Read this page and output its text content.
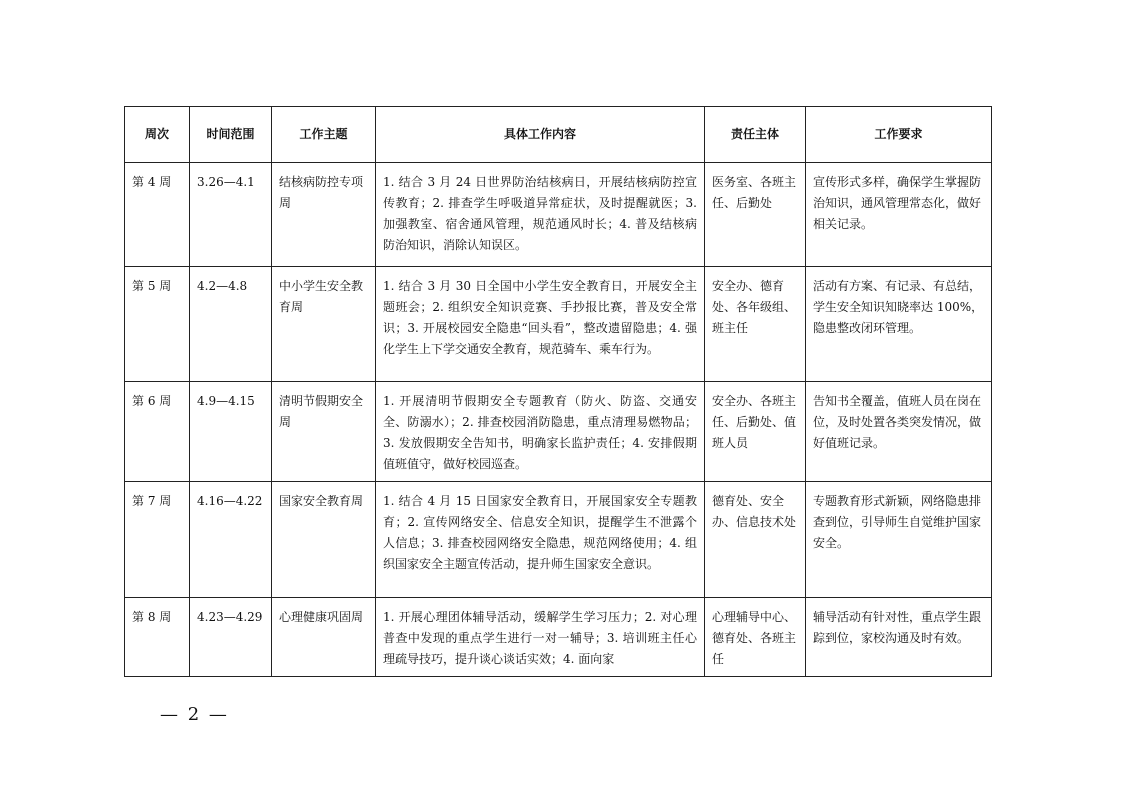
周次	时间范围	工作主题	具体工作内容	责任主体	工作要求
第 4 周	3.26—4.1	结核病防控专项周	1. 结合 3 月 24 日世界防治结核病日，开展结核病防控宣传教育；2. 排查学生呼吸道异常症状，及时提醒就医；3. 加强教室、宿舍通风管理，规范通风时长；4. 普及结核病防治知识，消除认知误区。	医务室、各班主任、后勤处	宣传形式多样，确保学生掌握防治知识，通风管理常态化，做好相关记录。
第 5 周	4.2—4.8	中小学生安全教育周	1. 结合 3 月 30 日全国中小学生安全教育日，开展安全主题班会；2. 组织安全知识竞赛、手抄报比赛，普及安全常识；3. 开展校园安全隐患“回头看”，整改遗留隐患；4. 强化学生上下学交通安全教育，规范骑车、乘车行为。	安全办、德育处、各年级组、班主任	活动有方案、有记录、有总结，学生安全知识知晓率达 100%，隐患整改闭环管理。
第 6 周	4.9—4.15	清明节假期安全周	1. 开展清明节假期安全专题教育（防火、防盗、交通安全、防溺水）；2. 排查校园消防隐患，重点清理易燃物品；3. 发放假期安全告知书，明确家长监护责任；4. 安排假期值班值守，做好校园巡查。	安全办、各班主任、后勤处、值班人员	告知书全覆盖，值班人员在岗在位，及时处置各类突发情况，做好值班记录。
第 7 周	4.16—4.22	国家安全教育周	1. 结合 4 月 15 日国家安全教育日，开展国家安全专题教育；2. 宣传网络安全、信息安全知识，提醒学生不泄露个人信息；3. 排查校园网络安全隐患，规范网络使用；4. 组织国家安全主题宣传活动，提升师生国家安全意识。	德育处、安全办、信息技术处	专题教育形式新颖，网络隐患排查到位，引导师生自觉维护国家安全。
第 8 周	4.23—4.29	心理健康巩固周	1. 开展心理团体辅导活动，缓解学生学习压力；2. 对心理普查中发现的重点学生进行一对一辅导；3. 培训班主任心理疏导技巧，提升谈心谈话实效；4. 面向家	心理辅导中心、德育处、各班主任	辅导活动有针对性，重点学生跟踪到位，家校沟通及时有效。
— 2 —
